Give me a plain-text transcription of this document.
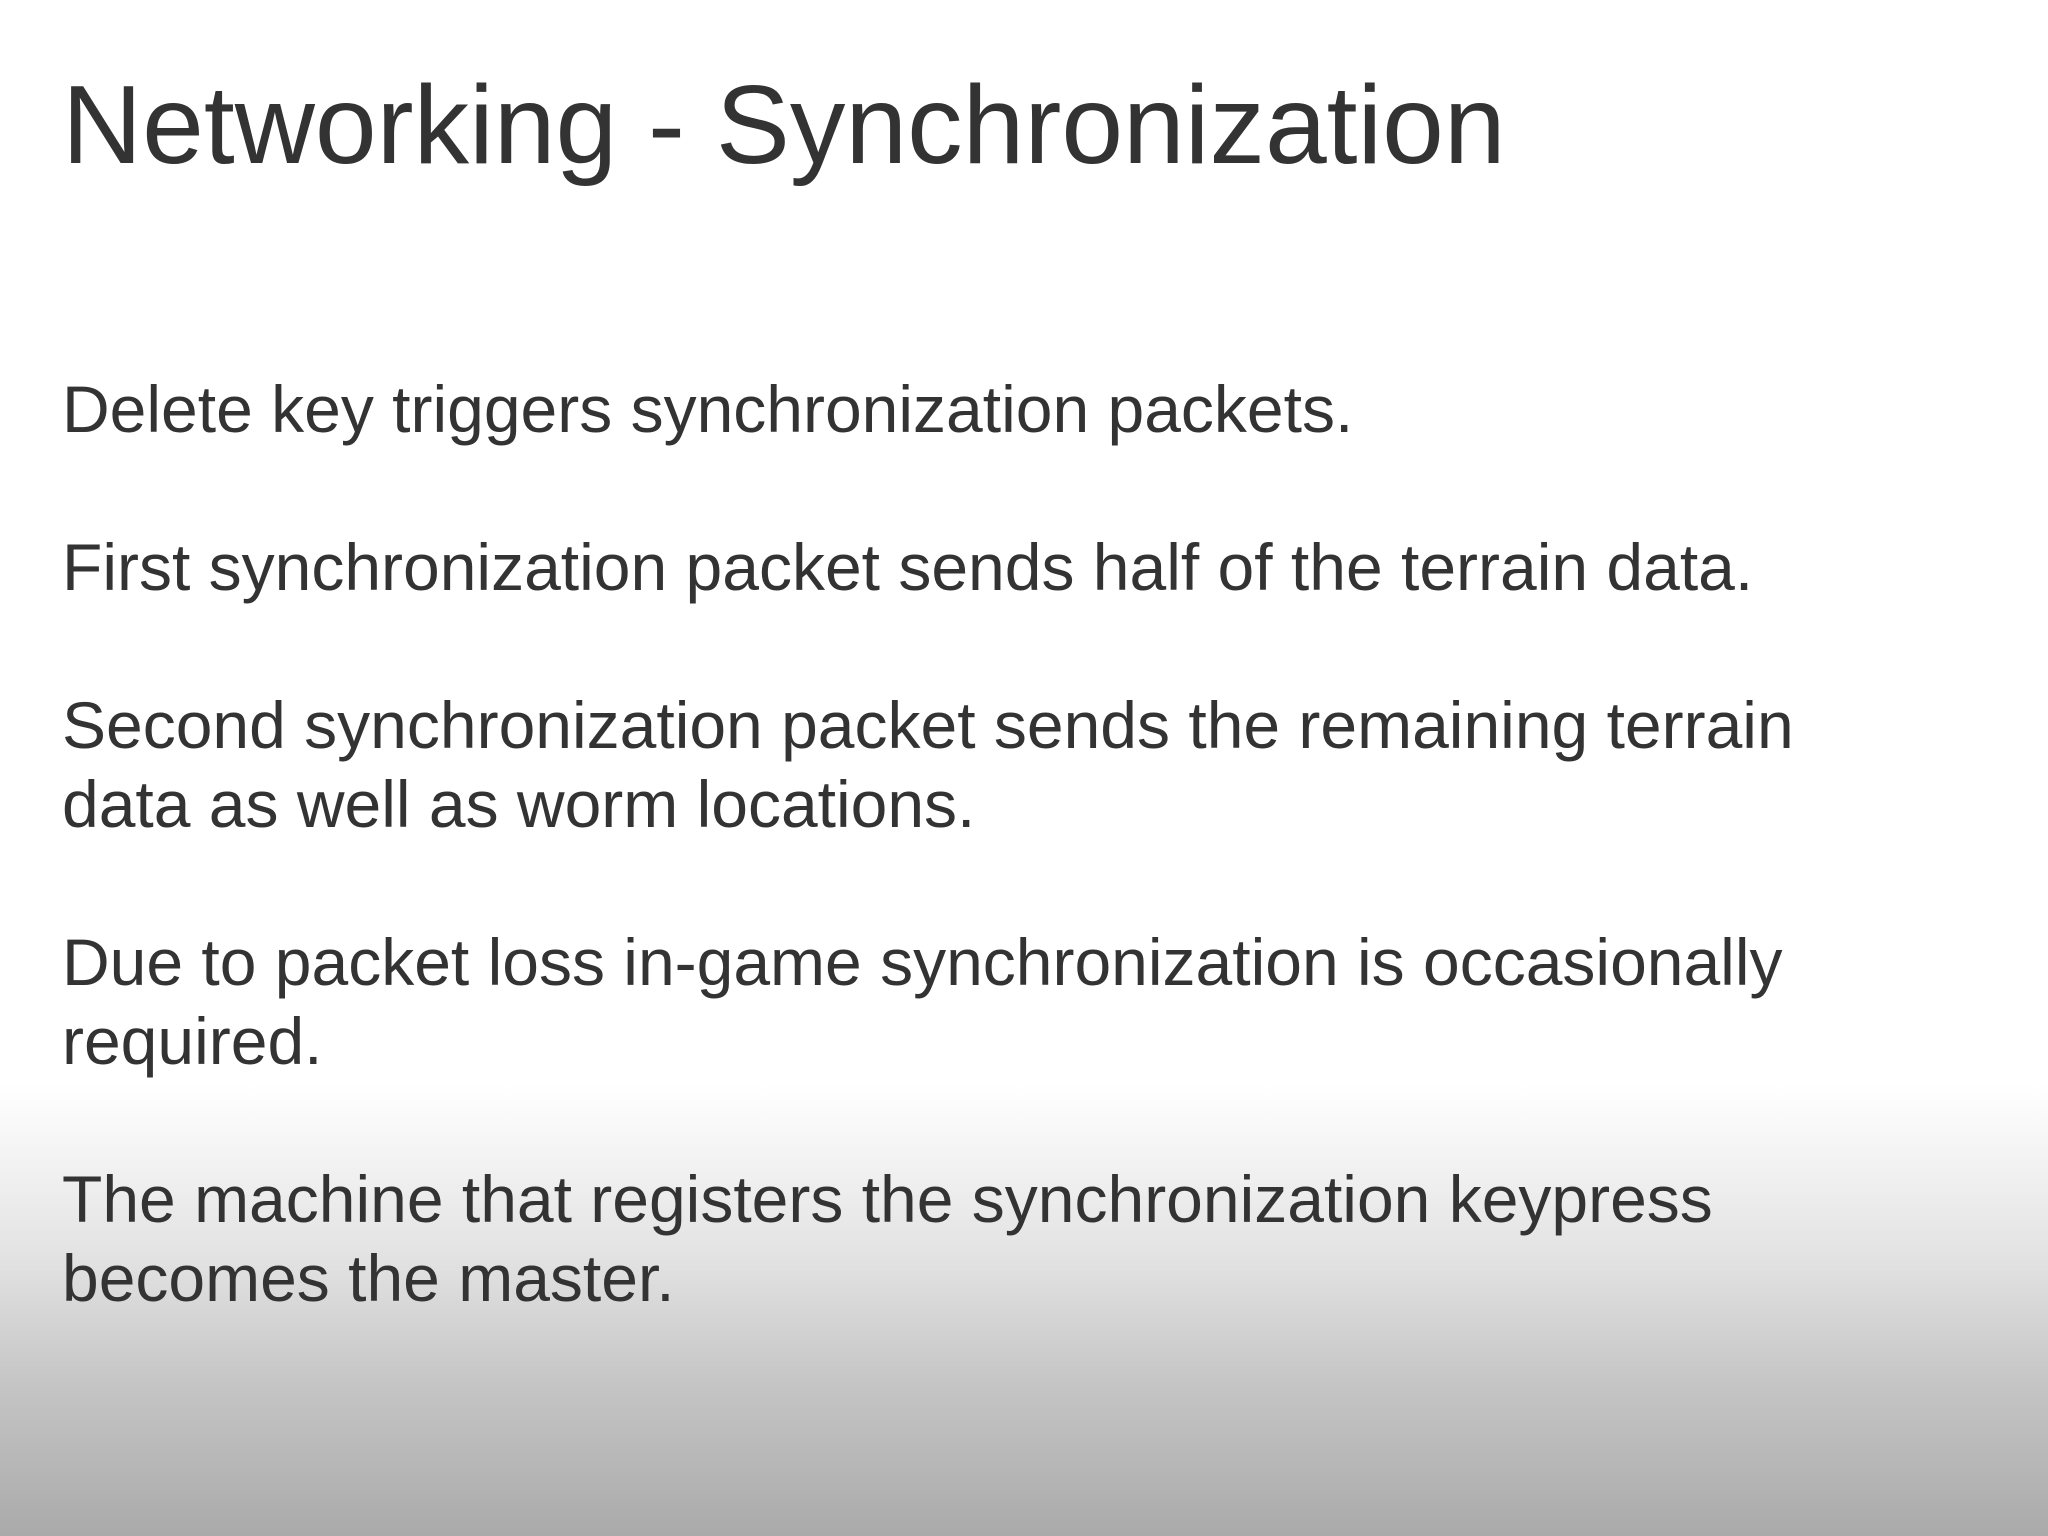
Networking - Synchronization

Delete key triggers synchronization packets.

First synchronization packet sends half of the terrain data.

Second synchronization packet sends the remaining terrain
data as well as worm locations.

Due to packet loss in-game synchronization is occasionally
required.

The machine that registers the synchronization keypress
becomes the master.
